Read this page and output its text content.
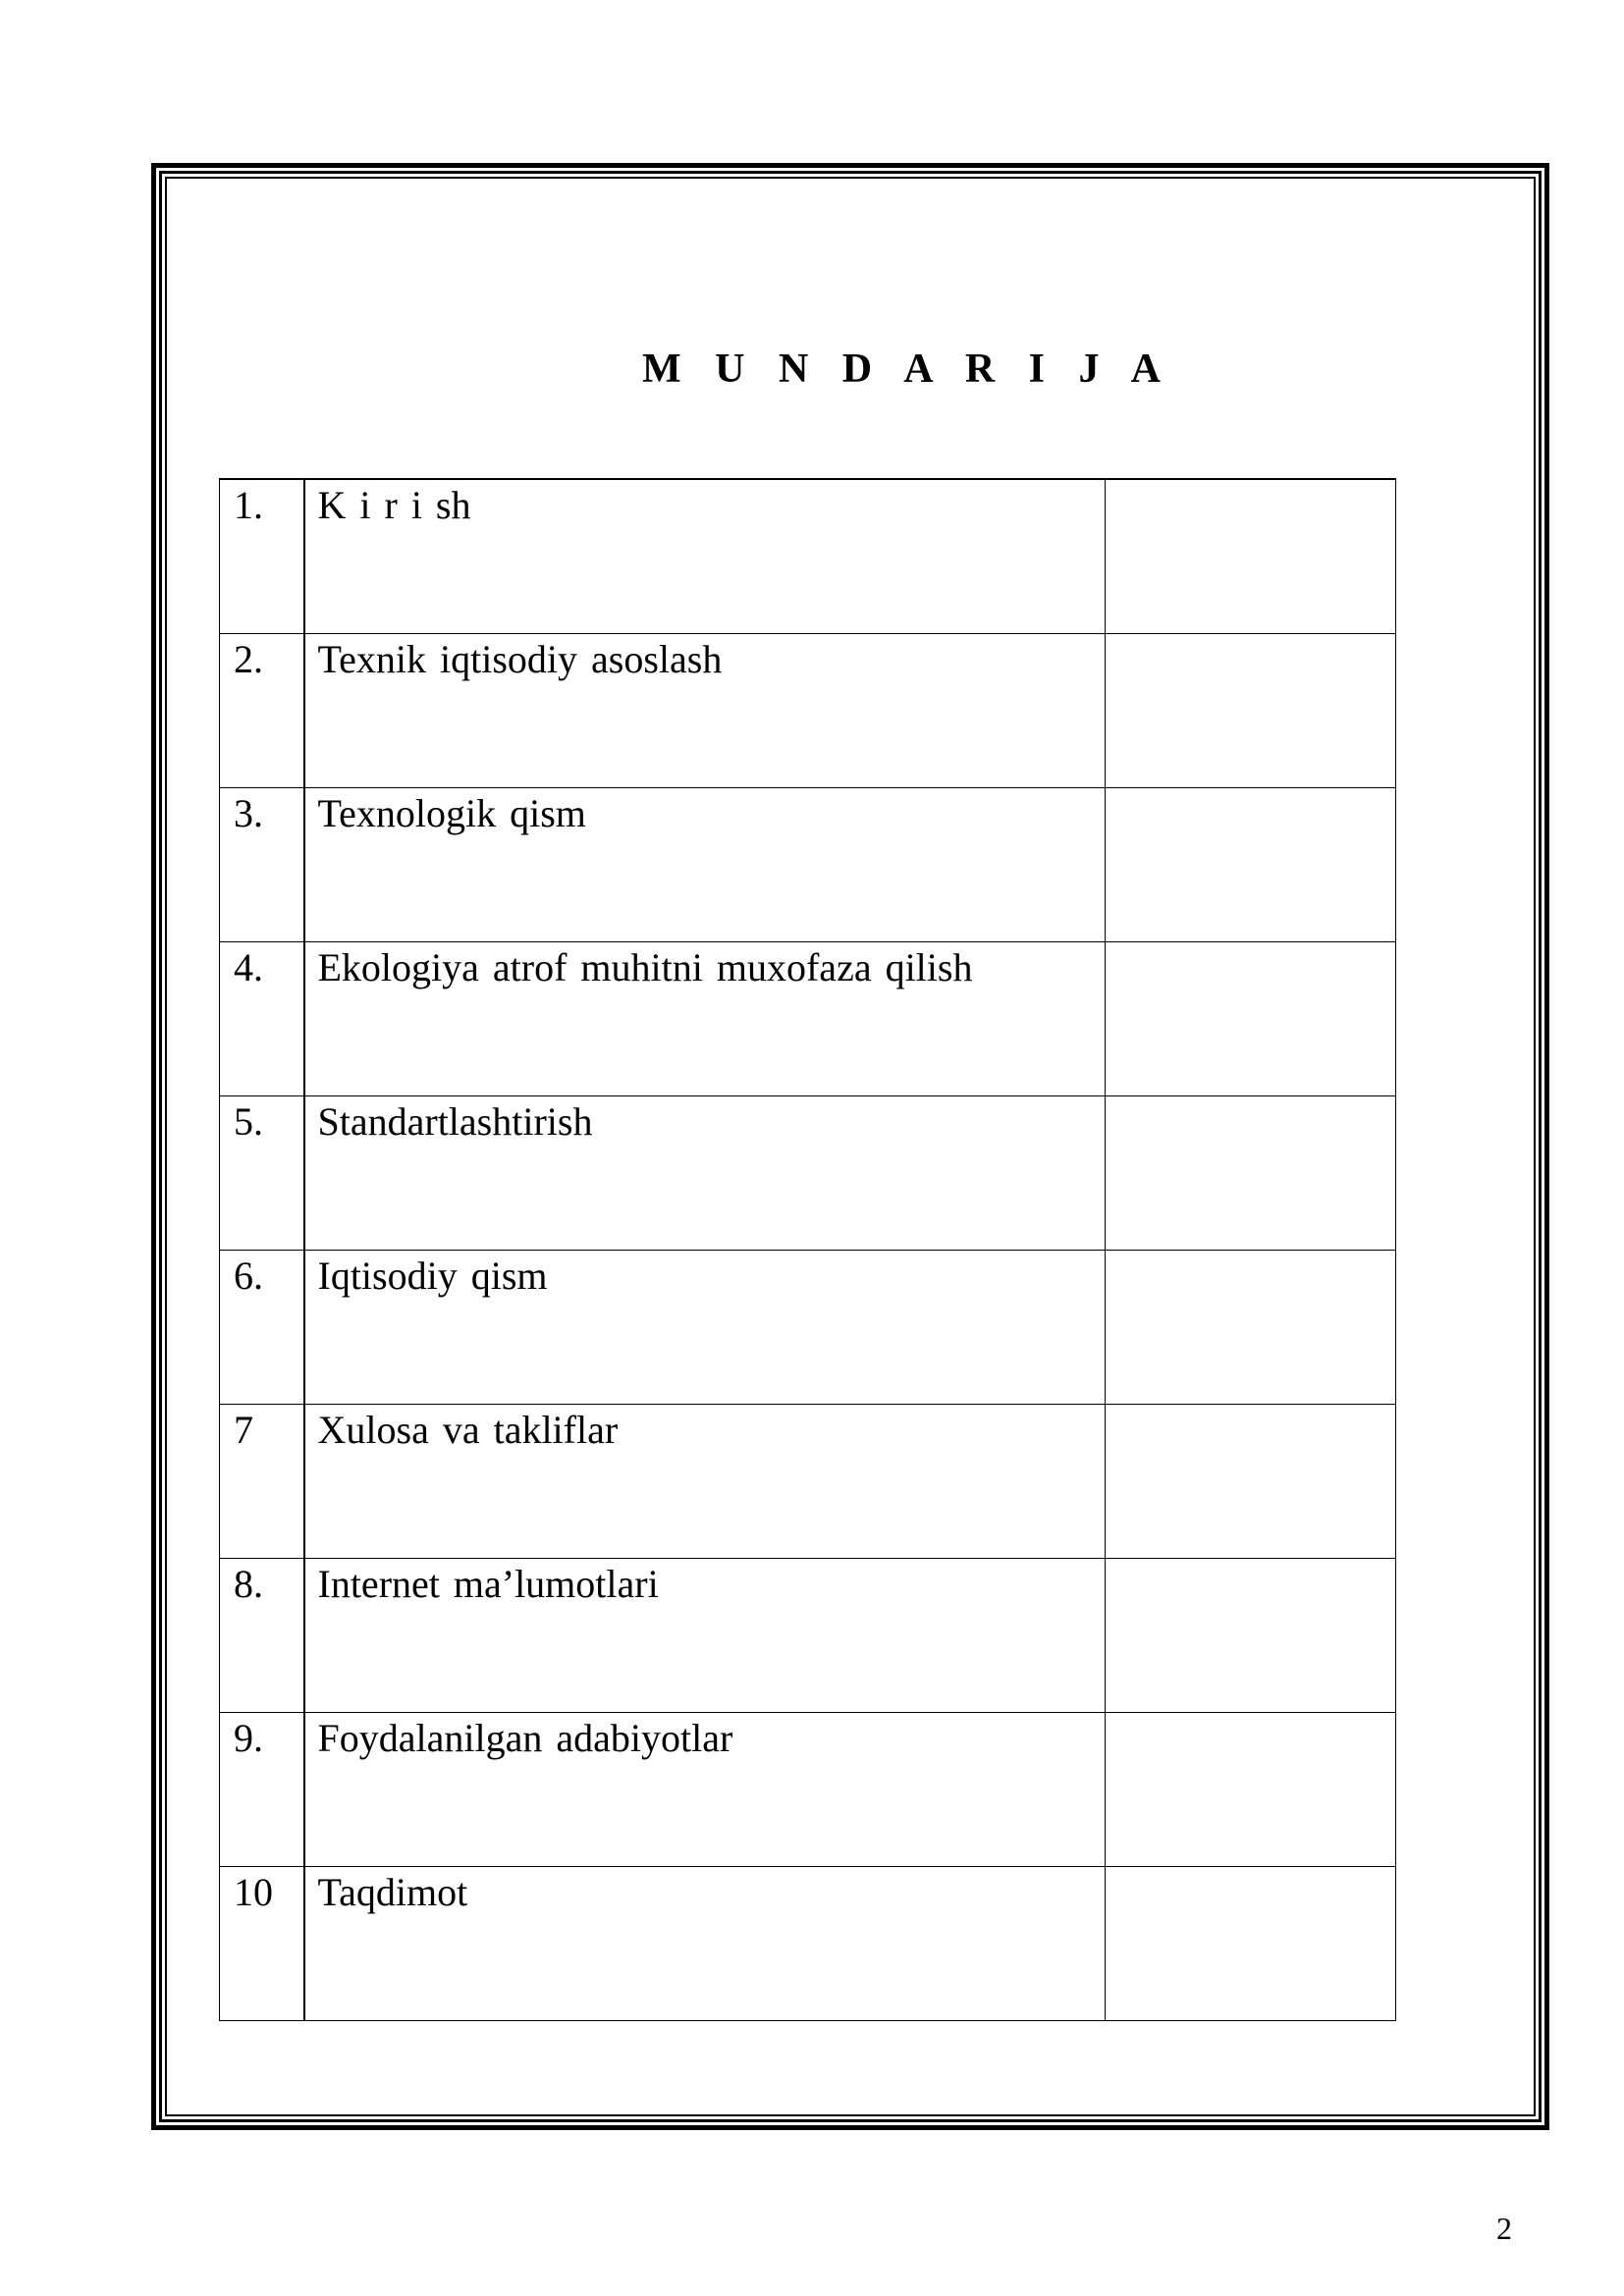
M U N D A R I J A
1.	K i r i sh	
2.	Texnik iqtisodiy asoslash	
3.	Texnologik qism	
4.	Ekologiya atrof muhitni muxofaza qilish	
5.	Standartlashtirish	
6.	Iqtisodiy qism	
7	Xulosa va takliflar	
8.	Internet ma’lumotlari	
9.	Foydalanilgan adabiyotlar	
10	Taqdimot	
2
